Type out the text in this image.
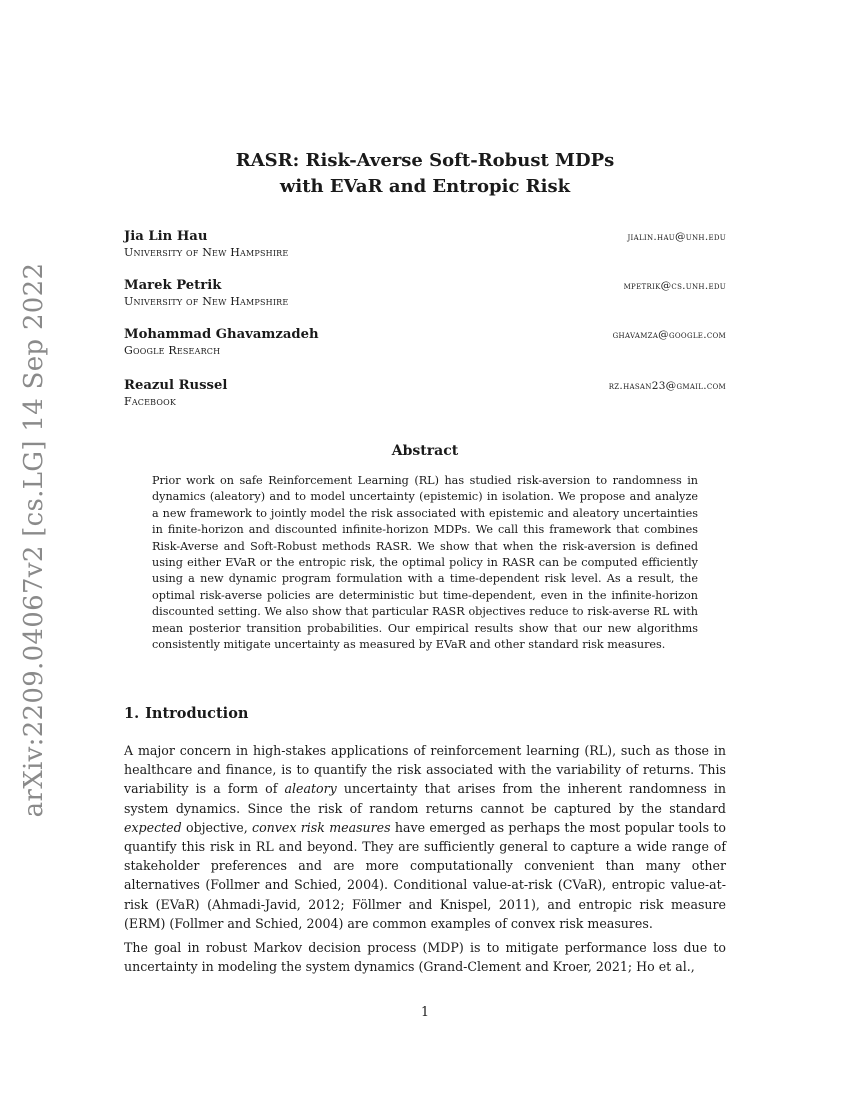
arXiv:2209.04067v2 [cs.LG] 14 Sep 2022
RASR: Risk-Averse Soft-Robust MDPs
with EVaR and Entropic Risk
Jia Lin Hau
University of New Hampshire
jialin.hau@unh.edu
Marek Petrik
University of New Hampshire
mpetrik@cs.unh.edu
Mohammad Ghavamzadeh
Google Research
ghavamza@google.com
Reazul Russel
Facebook
rz.hasan23@gmail.com
Abstract
Prior work on safe Reinforcement Learning (RL) has studied risk-aversion to randomness in dynamics (aleatory) and to model uncertainty (epistemic) in isolation. We propose and analyze a new framework to jointly model the risk associated with epistemic and aleatory uncertainties in finite-horizon and discounted infinite-horizon MDPs. We call this framework that combines Risk-Averse and Soft-Robust methods RASR. We show that when the risk-aversion is defined using either EVaR or the entropic risk, the optimal policy in RASR can be computed efficiently using a new dynamic program formulation with a time-dependent risk level. As a result, the optimal risk-averse policies are deterministic but time-dependent, even in the infinite-horizon discounted setting. We also show that particular RASR objectives reduce to risk-averse RL with mean posterior transition probabilities. Our empirical results show that our new algorithms consistently mitigate uncertainty as measured by EVaR and other standard risk measures.
1. Introduction
A major concern in high-stakes applications of reinforcement learning (RL), such as those in healthcare and finance, is to quantify the risk associated with the variability of returns. This variability is a form of aleatory uncertainty that arises from the inherent randomness in system dynamics. Since the risk of random returns cannot be captured by the standard expected objective, convex risk measures have emerged as perhaps the most popular tools to quantify this risk in RL and beyond. They are sufficiently general to capture a wide range of stakeholder preferences and are more computationally convenient than many other alternatives (Follmer and Schied, 2004). Conditional value-at-risk (CVaR), entropic value-at-risk (EVaR) (Ahmadi-Javid, 2012; Föllmer and Knispel, 2011), and entropic risk measure (ERM) (Follmer and Schied, 2004) are common examples of convex risk measures.
The goal in robust Markov decision process (MDP) is to mitigate performance loss due to uncertainty in modeling the system dynamics (Grand-Clement and Kroer, 2021; Ho et al.,
1
